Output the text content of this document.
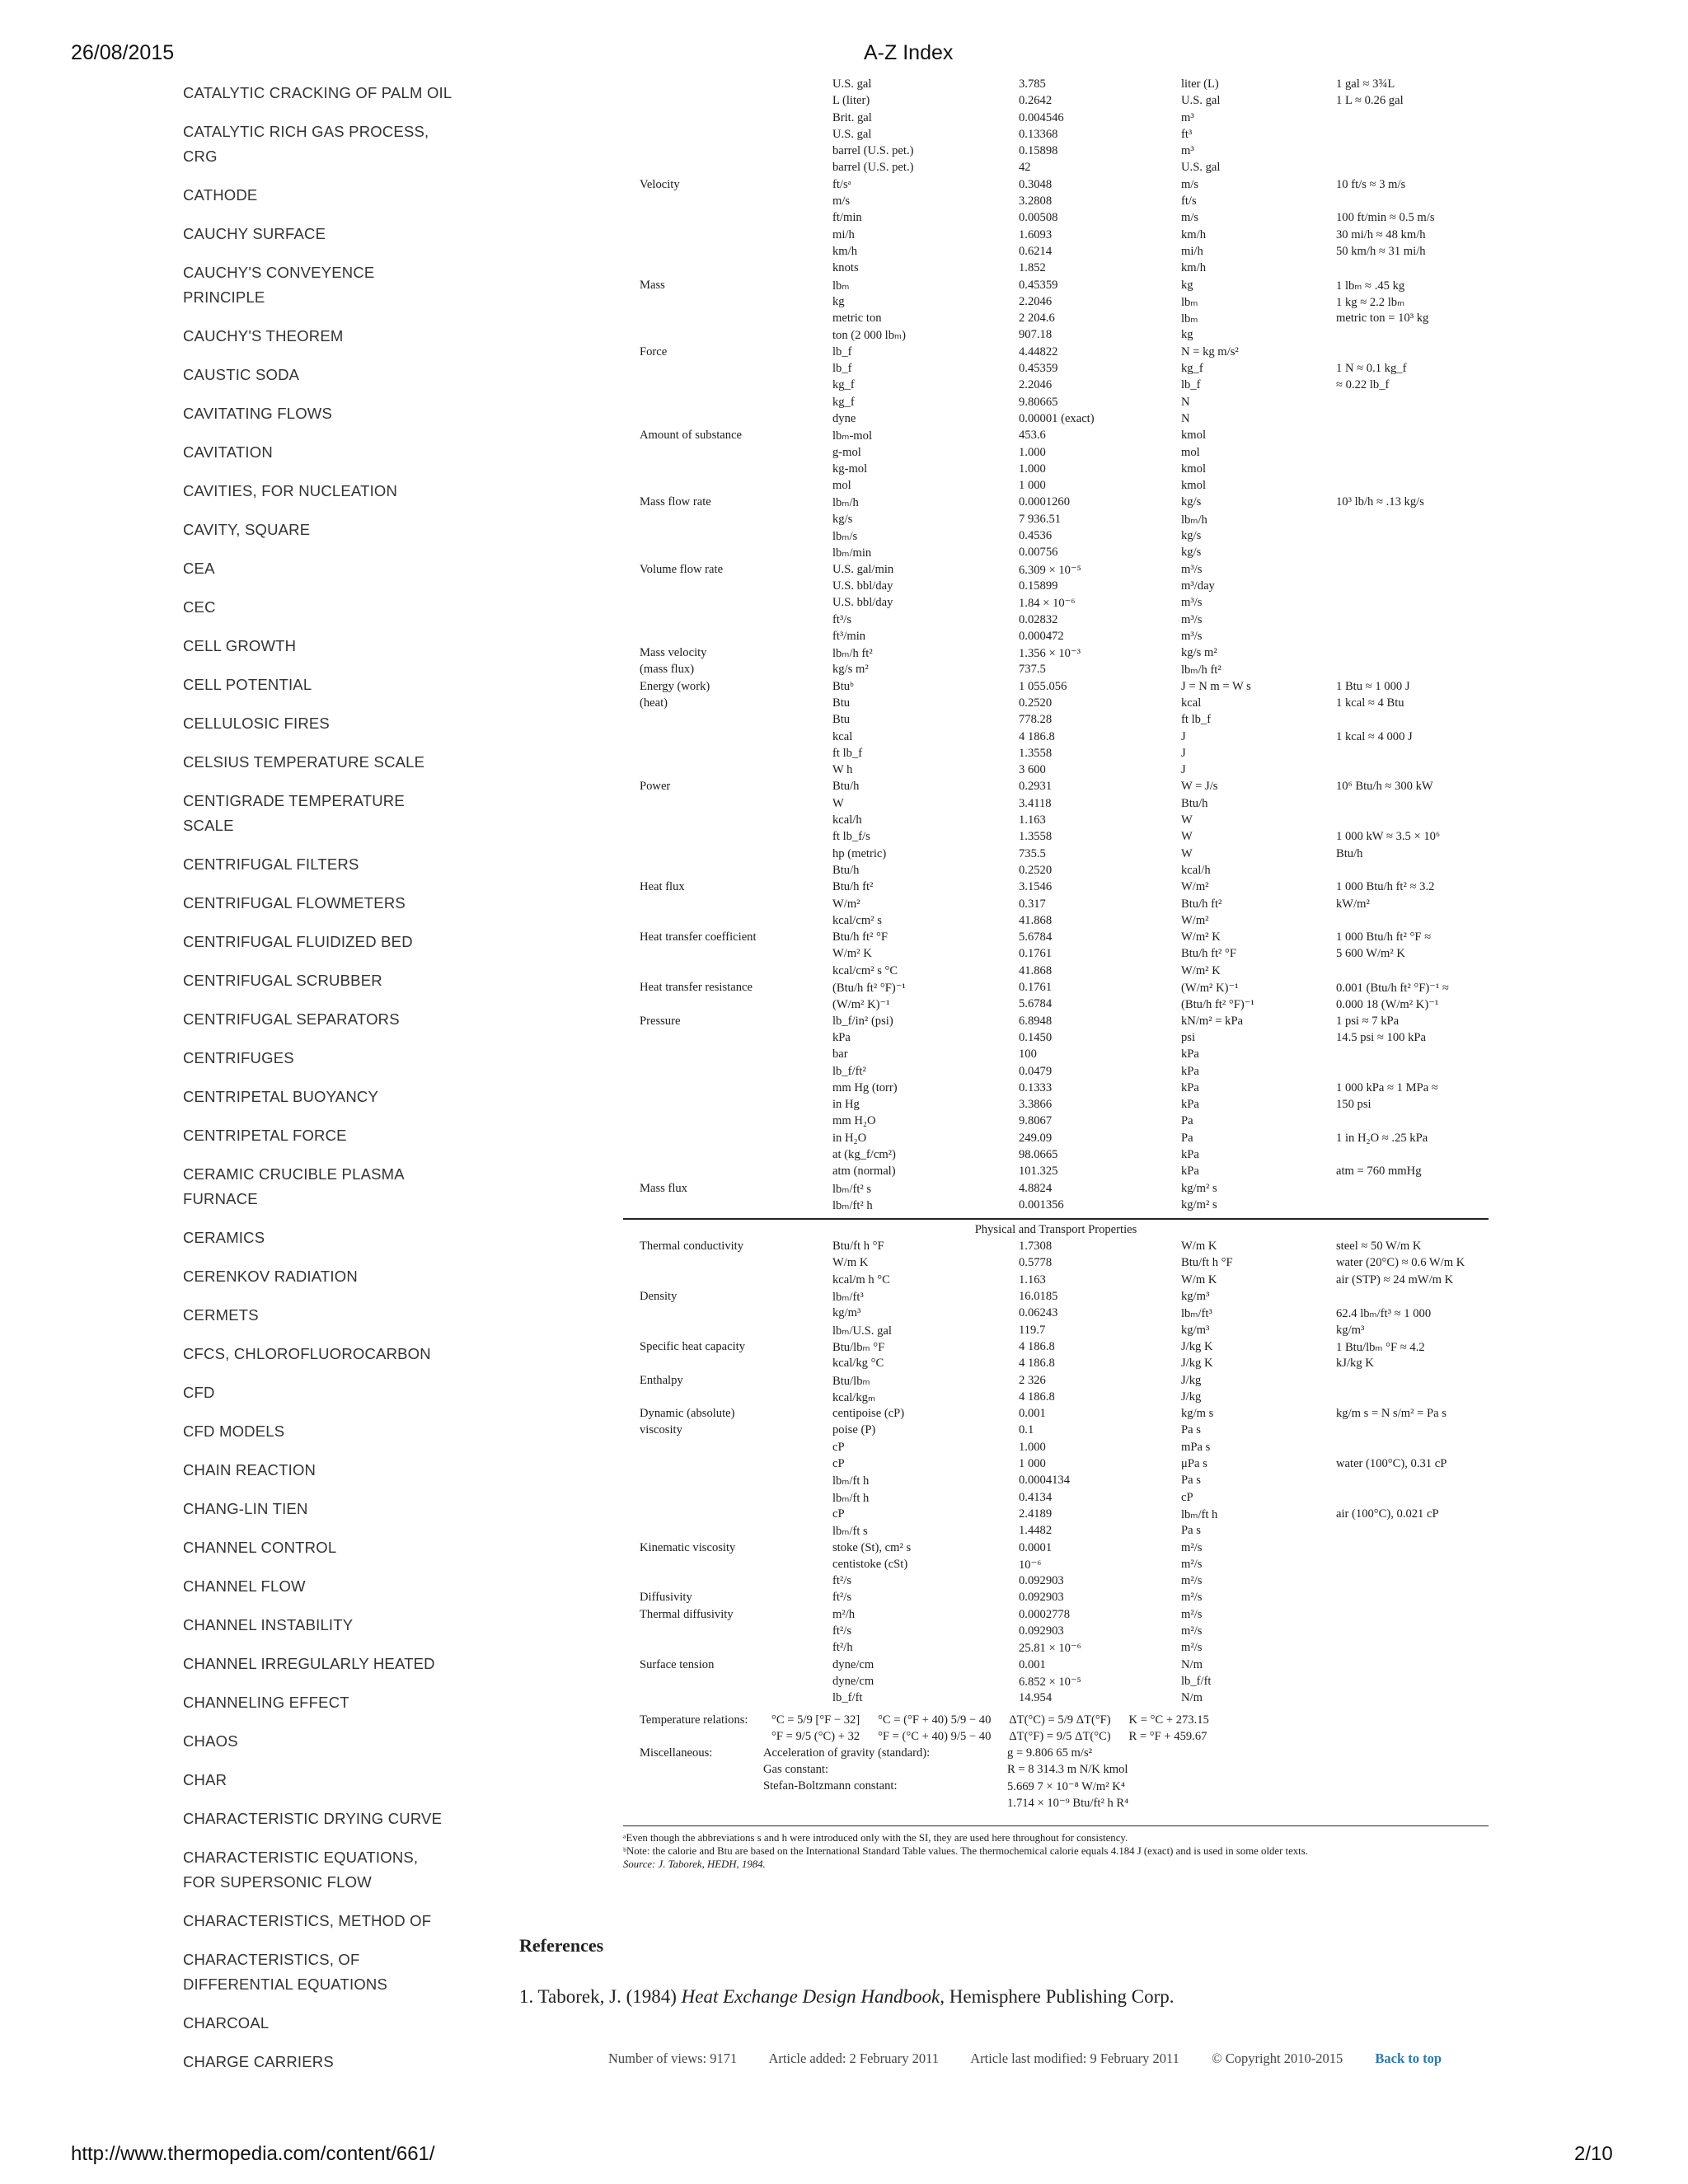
26/08/2015	A-Z Index
CATALYTIC CRACKING OF PALM OIL
CATALYTIC RICH GAS PROCESS,
CRG
CATHODE
CAUCHY SURFACE
CAUCHY'S CONVEYENCE
PRINCIPLE
CAUCHY'S THEOREM
CAUSTIC SODA
CAVITATING FLOWS
CAVITATION
CAVITIES, FOR NUCLEATION
CAVITY, SQUARE
CEA
CEC
CELL GROWTH
CELL POTENTIAL
CELLULOSIC FIRES
CELSIUS TEMPERATURE SCALE
CENTIGRADE TEMPERATURE
SCALE
CENTRIFUGAL FILTERS
CENTRIFUGAL FLOWMETERS
CENTRIFUGAL FLUIDIZED BED
CENTRIFUGAL SCRUBBER
CENTRIFUGAL SEPARATORS
CENTRIFUGES
CENTRIPETAL BUOYANCY
CENTRIPETAL FORCE
CERAMIC CRUCIBLE PLASMA
FURNACE
CERAMICS
CERENKOV RADIATION
CERMETS
CFCS, CHLOROFLUOROCARBON
CFD
CFD MODELS
CHAIN REACTION
CHANG-LIN TIEN
CHANNEL CONTROL
CHANNEL FLOW
CHANNEL INSTABILITY
CHANNEL IRREGULARLY HEATED
CHANNELING EFFECT
CHAOS
CHAR
CHARACTERISTIC DRYING CURVE
CHARACTERISTIC EQUATIONS,
FOR SUPERSONIC FLOW
CHARACTERISTICS, METHOD OF
CHARACTERISTICS, OF
DIFFERENTIAL EQUATIONS
CHARCOAL
CHARGE CARRIERS
U.S. gal	3.785	liter (L)	1 gal ≈ 3¾L
L (liter)	0.2642	U.S. gal	1 L ≈ 0.26 gal
Brit. gal	0.004546	m³
U.S. gal	0.13368	ft³
barrel (U.S. pet.)	0.15898	m³
barrel (U.S. pet.)	42	U.S. gal
Velocity	ft/sᵃ	0.3048	m/s	10 ft/s ≈ 3 m/s
m/s	3.2808	ft/s
ft/min	0.00508	m/s	100 ft/min ≈ 0.5 m/s
mi/h	1.6093	km/h	30 mi/h ≈ 48 km/h
km/h	0.6214	mi/h	50 km/h ≈ 31 mi/h
knots	1.852	km/h
Mass	lbₘ	0.45359	kg	1 lbₘ ≈ .45 kg
kg	2.2046	lbₘ	1 kg ≈ 2.2 lbₘ
metric ton	2 204.6	lbₘ	metric ton = 10³ kg
ton (2 000 lbₘ)	907.18	kg
Force	lb_f	4.44822	N = kg m/s²
lb_f	0.45359	kg_f	1 N ≈ 0.1 kg_f
kg_f	2.2046	lb_f	≈ 0.22 lb_f
kg_f	9.80665	N
dyne	0.00001 (exact)	N
Amount of substance	lbₘ-mol	453.6	kmol
g-mol	1.000	mol
kg-mol	1.000	kmol
mol	1 000	kmol
Mass flow rate	lbₘ/h	0.0001260	kg/s	10³ lb/h ≈ .13 kg/s
kg/s	7 936.51	lbₘ/h
lbₘ/s	0.4536	kg/s
lbₘ/min	0.00756	kg/s
Volume flow rate	U.S. gal/min	6.309 × 10⁻⁵	m³/s
U.S. bbl/day	0.15899	m³/day
U.S. bbl/day	1.84 × 10⁻⁶	m³/s
ft³/s	0.02832	m³/s
ft³/min	0.000472	m³/s
Mass velocity	lbₘ/h ft²	1.356 × 10⁻³	kg/s m²
(mass flux)	kg/s m²	737.5	lbₘ/h ft²
Energy (work)	Btuᵇ	1 055.056	J = N m = W s	1 Btu ≈ 1 000 J
(heat)	Btu	0.2520	kcal	1 kcal ≈ 4 Btu
Btu	778.28	ft lb_f
kcal	4 186.8	J	1 kcal ≈ 4 000 J
ft lb_f	1.3558	J
W h	3 600	J
Power	Btu/h	0.2931	W = J/s	10⁶ Btu/h ≈ 300 kW
W	3.4118	Btu/h
kcal/h	1.163	W
ft lb_f/s	1.3558	W	1 000 kW ≈ 3.5 × 10⁶
hp (metric)	735.5	W	Btu/h
Btu/h	0.2520	kcal/h
Heat flux	Btu/h ft²	3.1546	W/m²	1 000 Btu/h ft² ≈ 3.2
W/m²	0.317	Btu/h ft²	kW/m²
kcal/cm² s	41.868	W/m²
Heat transfer coefficient	Btu/h ft² °F	5.6784	W/m² K	1 000 Btu/h ft² °F ≈
W/m² K	0.1761	Btu/h ft² °F	5 600 W/m² K
kcal/cm² s °C	41.868	W/m² K
Heat transfer resistance	(Btu/h ft² °F)⁻¹	0.1761	(W/m² K)⁻¹	0.001 (Btu/h ft² °F)⁻¹ ≈
(W/m² K)⁻¹	5.6784	(Btu/h ft² °F)⁻¹	0.000 18 (W/m² K)⁻¹
Pressure	lb_f/in² (psi)	6.8948	kN/m² = kPa	1 psi ≈ 7 kPa
kPa	0.1450	psi	14.5 psi ≈ 100 kPa
bar	100	kPa
lb_f/ft²	0.0479	kPa
mm Hg (torr)	0.1333	kPa	1 000 kPa ≈ 1 MPa ≈
in Hg	3.3866	kPa	150 psi
mm H₂O	9.8067	Pa
in H₂O	249.09	Pa	1 in H₂O ≈ .25 kPa
at (kg_f/cm²)	98.0665	kPa
atm (normal)	101.325	kPa	atm = 760 mmHg
Mass flux	lbₘ/ft² s	4.8824	kg/m² s
lbₘ/ft² h	0.001356	kg/m² s
Physical and Transport Properties
Thermal conductivity	Btu/ft h °F	1.7308	W/m K	steel ≈ 50 W/m K
W/m K	0.5778	Btu/ft h °F	water (20°C) ≈ 0.6 W/m K
kcal/m h °C	1.163	W/m K	air (STP) ≈ 24 mW/m K
Density	lbₘ/ft³	16.0185	kg/m³
kg/m³	0.06243	lbₘ/ft³	62.4 lbₘ/ft³ ≈ 1 000
lbₘ/U.S. gal	119.7	kg/m³	kg/m³
Specific heat capacity	Btu/lbₘ °F	4 186.8	J/kg K	1 Btu/lbₘ °F ≈ 4.2
kcal/kg °C	4 186.8	J/kg K	kJ/kg K
Enthalpy	Btu/lbₘ	2 326	J/kg
kcal/kgₘ	4 186.8	J/kg
Dynamic (absolute)	centipoise (cP)	0.001	kg/m s	kg/m s = N s/m² = Pa s
viscosity	poise (P)	0.1	Pa s
cP	1.000	mPa s
cP	1 000	μPa s	water (100°C), 0.31 cP
lbₘ/ft h	0.0004134	Pa s
lbₘ/ft h	0.4134	cP
cP	2.4189	lbₘ/ft h	air (100°C), 0.021 cP
lbₘ/ft s	1.4482	Pa s
Kinematic viscosity	stoke (St), cm² s	0.0001	m²/s
centistoke (cSt)	10⁻⁶	m²/s
ft²/s	0.092903	m²/s
Diffusivity	ft²/s	0.092903	m²/s
Thermal diffusivity	m²/h	0.0002778	m²/s
ft²/s	0.092903	m²/s
ft²/h	25.81 × 10⁻⁶	m²/s
Surface tension	dyne/cm	0.001	N/m
dyne/cm	6.852 × 10⁻⁵	lb_f/ft
lb_f/ft	14.954	N/m
Temperature relations: °C = 5/9 [°F − 32]      °C = (°F + 40) 5/9 − 40      ΔT(°C) = 5/9 ΔT(°F)      K = °C + 273.15
°F = 9/5 (°C) + 32      °F = (°C + 40) 9/5 − 40      ΔT(°F) = 9/5 ΔT(°C)      R = °F + 459.67
Miscellaneous:	Acceleration of gravity (standard):	g = 9.806 65 m/s²
Gas constant:	R = 8 314.3 m N/K kmol
Stefan-Boltzmann constant:	5.669 7 × 10⁻⁸ W/m² K⁴
1.714 × 10⁻⁹ Btu/ft² h R⁴
ᵃEven though the abbreviations s and h were introduced only with the SI, they are used here throughout for consistency.
ᵇNote: the calorie and Btu are based on the International Standard Table values. The thermochemical calorie equals 4.184 J (exact) and is used in some older texts.
Source: J. Taborek, HEDH, 1984.
References
1. Taborek, J. (1984) Heat Exchange Design Handbook, Hemisphere Publishing Corp.
Number of views: 9171 Article added: 2 February 2011 Article last modified: 9 February 2011 © Copyright 2010-2015 Back to top
http://www.thermopedia.com/content/661/	2/10
